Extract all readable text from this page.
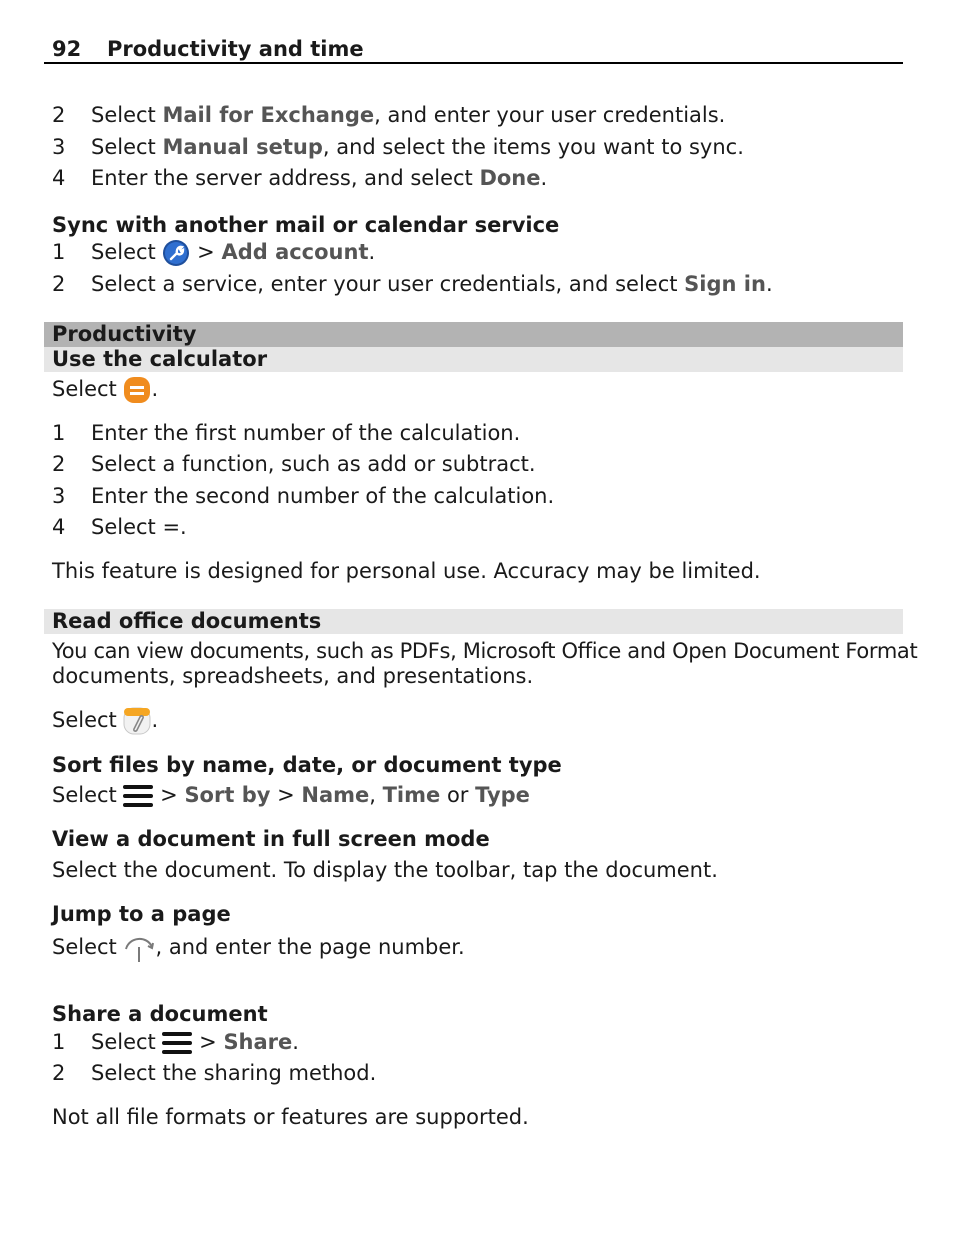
92 Productivity and time
2 Select Mail for Exchange, and enter your user credentials.
3 Select Manual setup, and select the items you want to sync.
4 Enter the server address, and select Done.
Sync with another mail or calendar service
1 Select  > Add account.
2 Select a service, enter your user credentials, and select Sign in.
Productivity
Use the calculator
Select .
1 Enter the first number of the calculation.
2 Select a function, such as add or subtract.
3 Enter the second number of the calculation.
4 Select =.
This feature is designed for personal use. Accuracy may be limited.
Read office documents
You can view documents, such as PDFs, Microsoft Office and Open Document Format
documents, spreadsheets, and presentations.
Select .
Sort files by name, date, or document type
Select
> Sort by > Name, Time or Type
View a document in full screen mode
Select the document. To display the toolbar, tap the document.
Jump to a page
Select , and enter the page number.
Share a document
1 Select
> Share.
2 Select the sharing method.
Not all file formats or features are supported.
